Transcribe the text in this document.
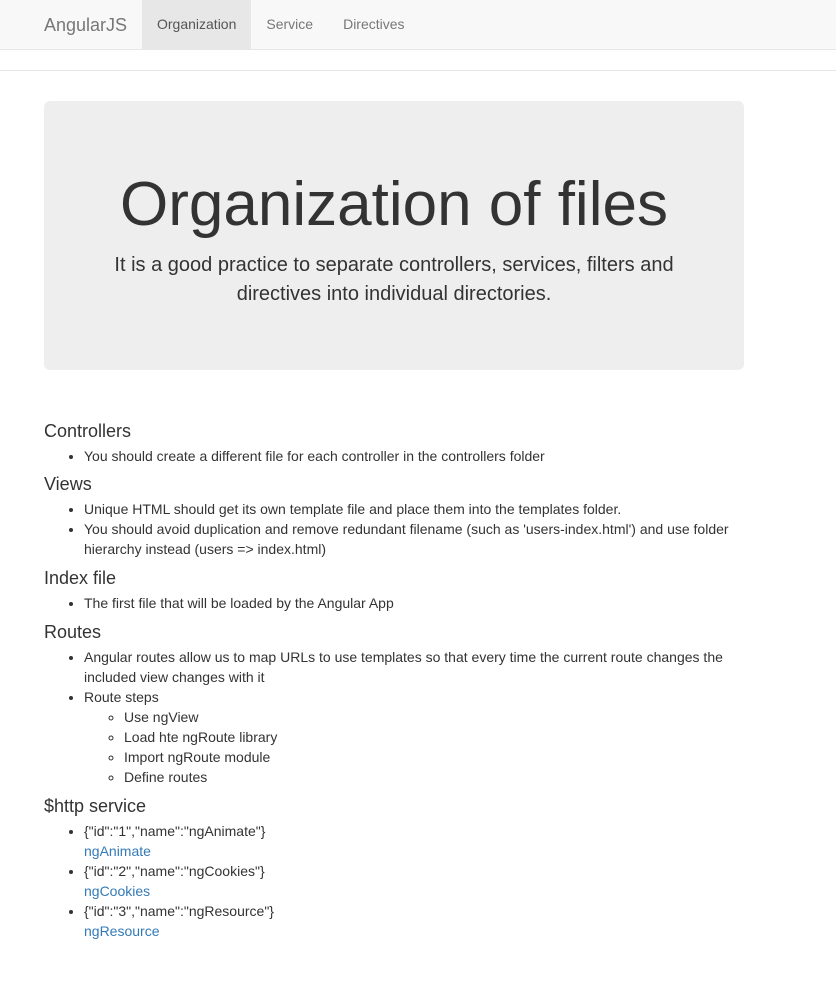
AngularJS	Organization	Service	Directives
Organization of files

It is a good practice to separate controllers, services, filters and directives into individual directories.

Controllers
• You should create a different file for each controller in the controllers folder
Views
• Unique HTML should get its own template file and place them into the templates folder.
• You should avoid duplication and remove redundant filename (such as 'users-index.html') and use folder hierarchy instead (users => index.html)
Index file
• The first file that will be loaded by the Angular App
Routes
• Angular routes allow us to map URLs to use templates so that every time the current route changes the included view changes with it
• Route steps
◦ Use ngView
◦ Load hte ngRoute library
◦ Import ngRoute module
◦ Define routes
$http service
• {"id":"1","name":"ngAnimate"}
ngAnimate
• {"id":"2","name":"ngCookies"}
ngCookies
• {"id":"3","name":"ngResource"}
ngResource
